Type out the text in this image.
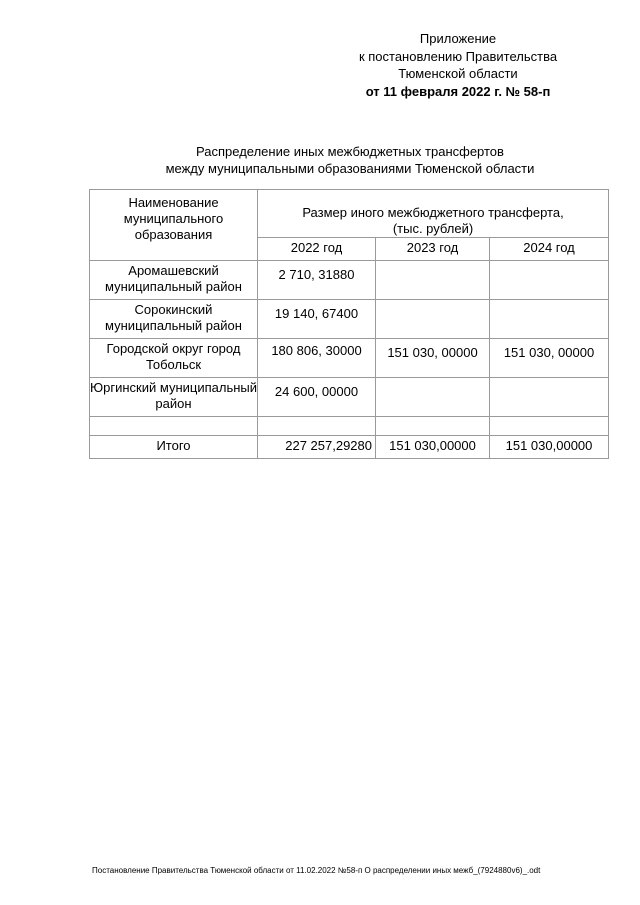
Приложение
к постановлению Правительства
Тюменской области
от 11 февраля 2022 г. № 58-п
Распределение иных межбюджетных трансфертов
между муниципальными образованиями Тюменской области
Наименование муниципального образования	Размер иного межбюджетного трансферта,
(тыс. рублей)		

	2022 год	2023 год	2024 год
Аромашевский муниципальный район	2 710, 31880		
Сорокинский муниципальный район	19 140, 67400		
Городской округ город Тобольск	180 806, 30000	151 030, 00000	151 030, 00000
Юргинский муниципальный район	24 600, 00000		

Итого	227 257,29280	151 030,00000	151 030,00000
Постановление Правительства Тюменской области от 11.02.2022 №58-п О распределении иных межб_(7924880v6)_.odt
